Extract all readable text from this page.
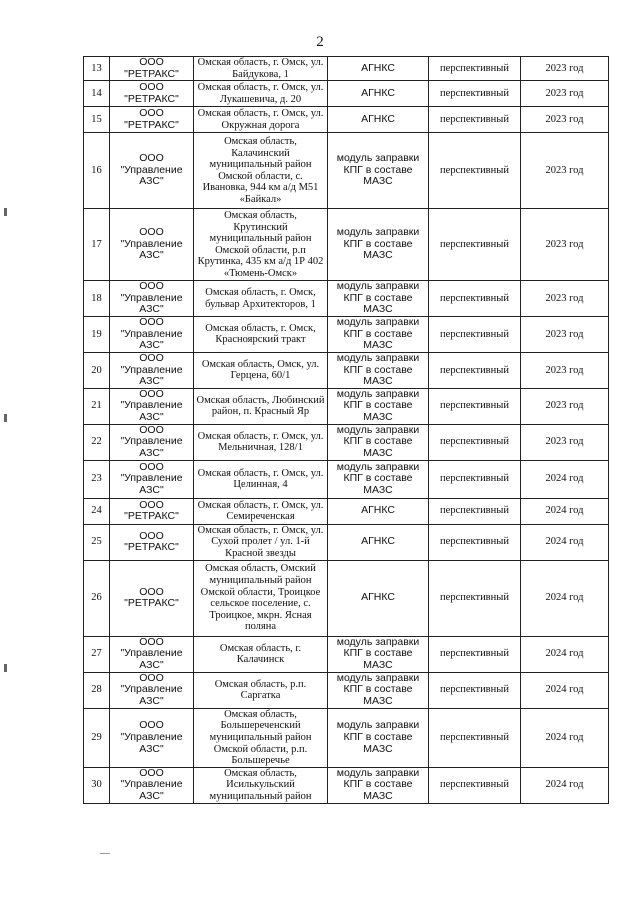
2
13	ООО "РЕТРАКС"	Омская область, г. Омск, ул. Байдукова, 1	АГНКС	перспективный	2023 год
14	ООО "РЕТРАКС"	Омская область, г. Омск, ул. Лукашевича, д. 20	АГНКС	перспективный	2023 год
15	ООО "РЕТРАКС"	Омская область, г. Омск, ул. Окружная дорога	АГНКС	перспективный	2023 год
16	ООО "Управление АЗС"	Омская область, Калачинский муниципальный район Омской области, с. Ивановка, 944 км а/д М51 «Байкал»	модуль заправки КПГ в составе МАЗС	перспективный	2023 год
17	ООО "Управление АЗС"	Омская область, Крутинский муниципальный район Омской области, р.п Крутинка, 435 км а/д 1Р 402 «Тюмень-Омск»	модуль заправки КПГ в составе МАЗС	перспективный	2023 год
18	ООО "Управление АЗС"	Омская область, г. Омск, бульвар Архитекторов, 1	модуль заправки КПГ в составе МАЗС	перспективный	2023 год
19	ООО "Управление АЗС"	Омская область, г. Омск, Красноярский тракт	модуль заправки КПГ в составе МАЗС	перспективный	2023 год
20	ООО "Управление АЗС"	Омская область, Омск, ул. Герцена, 60/1	модуль заправки КПГ в составе МАЗС	перспективный	2023 год
21	ООО "Управление АЗС"	Омская область, Любинский район, п. Красный Яр	модуль заправки КПГ в составе МАЗС	перспективный	2023 год
22	ООО "Управление АЗС"	Омская область, г. Омск, ул. Мельничная, 128/1	модуль заправки КПГ в составе МАЗС	перспективный	2023 год
23	ООО "Управление АЗС"	Омская область, г. Омск, ул. Целинная, 4	модуль заправки КПГ в составе МАЗС	перспективный	2024 год
24	ООО "РЕТРАКС"	Омская область, г. Омск, ул. Семиреченская	АГНКС	перспективный	2024 год
25	ООО "РЕТРАКС"	Омская область, г. Омск, ул. Сухой пролет / ул. 1-й Красной звезды	АГНКС	перспективный	2024 год
26	ООО "РЕТРАКС"	Омская область, Омский муниципальный район Омской области, Троицкое сельское поселение, с. Троицкое, мкрн. Ясная поляна	АГНКС	перспективный	2024 год
27	ООО "Управление АЗС"	Омская область, г. Калачинск	модуль заправки КПГ в составе МАЗС	перспективный	2024 год
28	ООО "Управление АЗС"	Омская область, р.п. Саргатка	модуль заправки КПГ в составе МАЗС	перспективный	2024 год
29	ООО "Управление АЗС"	Омская область, Большереченский муниципальный район Омской области, р.п. Большеречье	модуль заправки КПГ в составе МАЗС	перспективный	2024 год
30	ООО "Управление АЗС"	Омская область, Исилькульский муниципальный район	модуль заправки КПГ в составе МАЗС	перспективный	2024 год
